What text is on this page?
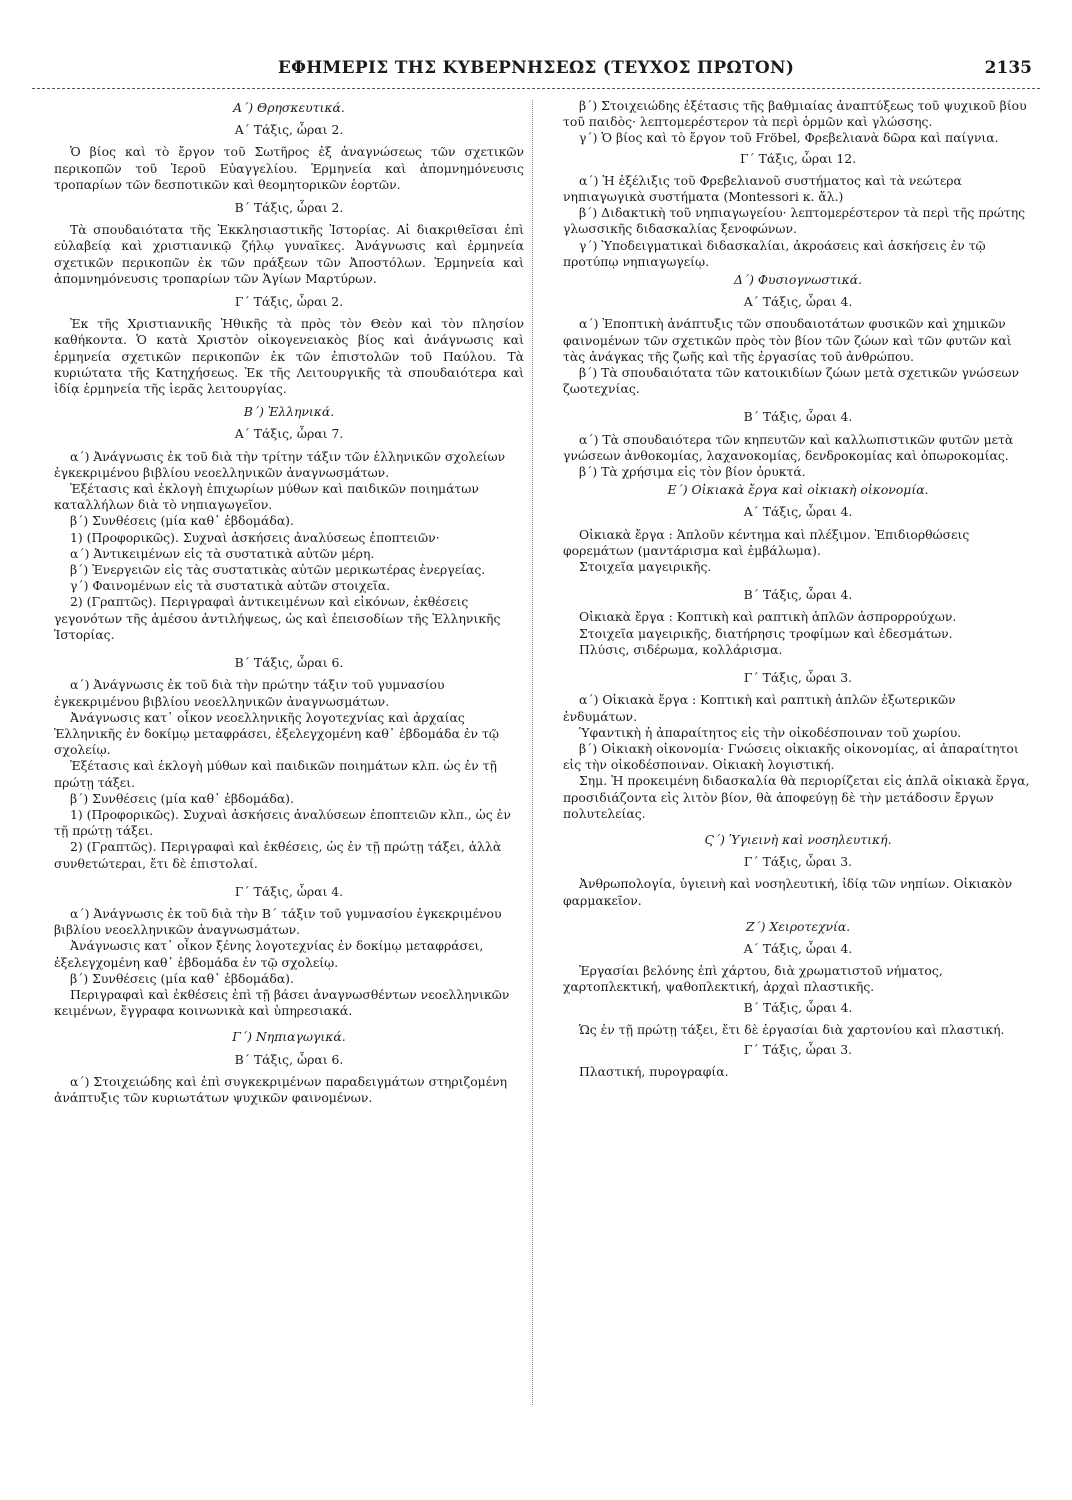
ΕΦΗΜΕΡΙΣ ΤΗΣ ΚΥΒΕΡΝΗΣΕΩΣ (ΤΕΥΧΟΣ ΠΡΩΤΟΝ)	2135
Α΄) Θρησκευτικά.
Α΄ Τάξις, ὧραι 2.
Ὁ βίος καὶ τὸ ἔργον τοῦ Σωτῆρος ἐξ ἀναγνώσεως τῶν σχετικῶν περικοπῶν τοῦ Ἱεροῦ Εὐαγγελίου. Ἑρμηνεία καὶ ἀπομνημόνευσις τροπαρίων τῶν δεσποτικῶν καὶ θεομητορικῶν ἑορτῶν.
Β΄ Τάξις, ὧραι 2.
Τὰ σπουδαιότατα τῆς Ἐκκλησιαστικῆς Ἱστορίας. Αἱ διακριθεῖσαι ἐπὶ εὐλαβείᾳ καὶ χριστιανικῷ ζήλῳ γυναῖκες. Ἀνάγνωσις καὶ ἑρμηνεία σχετικῶν περικοπῶν ἐκ τῶν πράξεων τῶν Ἀποστόλων. Ἑρμηνεία καὶ ἀπομνημόνευσις τροπαρίων τῶν Ἁγίων Μαρτύρων.
Γ΄ Τάξις, ὧραι 2.
Ἐκ τῆς Χριστιανικῆς Ἠθικῆς τὰ πρὸς τὸν Θεὸν καὶ τὸν πλησίον καθήκοντα. Ὁ κατὰ Χριστὸν οἰκογενειακὸς βίος καὶ ἀνάγνωσις καὶ ἑρμηνεία σχετικῶν περικοπῶν ἐκ τῶν ἐπιστολῶν τοῦ Παύλου. Τὰ κυριώτατα τῆς Κατηχήσεως. Ἐκ τῆς Λειτουργικῆς τὰ σπουδαιότερα καὶ ἰδίᾳ ἑρμηνεία τῆς ἱερᾶς λειτουργίας.
Β΄) Ἑλληνικά.
Α΄ Τάξις, ὧραι 7.
α΄) Ἀνάγνωσις ἐκ τοῦ διὰ τὴν τρίτην τάξιν τῶν ἑλληνικῶν σχολείων ἐγκεκριμένου βιβλίου νεοελληνικῶν ἀναγνωσμάτων.
Ἐξέτασις καὶ ἐκλογὴ ἐπιχωρίων μύθων καὶ παιδικῶν ποιημάτων καταλλήλων διὰ τὸ νηπιαγωγεῖον.
β΄) Συνθέσεις (μία καθ᾽ ἑβδομάδα).
1) (Προφορικῶς). Συχναὶ ἀσκήσεις ἀναλύσεως ἐποπτειῶν·
α΄) Ἀντικειμένων εἰς τὰ συστατικὰ αὐτῶν μέρη.
β΄) Ἐνεργειῶν εἰς τὰς συστατικὰς αὐτῶν μερικωτέρας ἐνεργείας.
γ΄) Φαινομένων εἰς τὰ συστατικὰ αὐτῶν στοιχεῖα.
2) (Γραπτῶς). Περιγραφαὶ ἀντικειμένων καὶ εἰκόνων, ἐκθέσεις γεγονότων τῆς ἀμέσου ἀντιλήψεως, ὡς καὶ ἐπεισοδίων τῆς Ἑλληνικῆς Ἱστορίας.
Β΄ Τάξις, ὧραι 6.
α΄) Ἀνάγνωσις ἐκ τοῦ διὰ τὴν πρώτην τάξιν τοῦ γυμνασίου ἐγκεκριμένου βιβλίου νεοελληνικῶν ἀναγνωσμάτων.
Ἀνάγνωσις κατ᾽ οἶκον νεοελληνικῆς λογοτεχνίας καὶ ἀρχαίας Ἑλληνικῆς ἐν δοκίμῳ μεταφράσει, ἐξελεγχομένη καθ᾽ ἑβδομάδα ἐν τῷ σχολείῳ.
Ἐξέτασις καὶ ἐκλογὴ μύθων καὶ παιδικῶν ποιημάτων κλπ. ὡς ἐν τῇ πρώτῃ τάξει.
β΄) Συνθέσεις (μία καθ᾽ ἑβδομάδα).
1) (Προφορικῶς). Συχναὶ ἀσκήσεις ἀναλύσεων ἐποπτειῶν κλπ., ὡς ἐν τῇ πρώτῃ τάξει.
2) (Γραπτῶς). Περιγραφαὶ καὶ ἐκθέσεις, ὡς ἐν τῇ πρώτῃ τάξει, ἀλλὰ συνθετώτεραι, ἔτι δὲ ἐπιστολαί.
Γ΄ Τάξις, ὧραι 4.
α΄) Ἀνάγνωσις ἐκ τοῦ διὰ τὴν Β΄ τάξιν τοῦ γυμνασίου ἐγκεκριμένου βιβλίου νεοελληνικῶν ἀναγνωσμάτων.
Ἀνάγνωσις κατ᾽ οἶκον ξένης λογοτεχνίας ἐν δοκίμῳ μεταφράσει, ἐξελεγχομένη καθ᾽ ἑβδομάδα ἐν τῷ σχολείῳ.
β΄) Συνθέσεις (μία καθ᾽ ἑβδομάδα).
Περιγραφαὶ καὶ ἐκθέσεις ἐπὶ τῇ βάσει ἀναγνωσθέντων νεοελληνικῶν κειμένων, ἔγγραφα κοινωνικὰ καὶ ὑπηρεσιακά.
Γ΄) Νηπιαγωγικά.
Β΄ Τάξις, ὧραι 6.
α΄) Στοιχειώδης καὶ ἐπὶ συγκεκριμένων παραδειγμάτων στηριζομένη ἀνάπτυξις τῶν κυριωτάτων ψυχικῶν φαινομένων.
β΄) Στοιχειώδης ἐξέτασις τῆς βαθμιαίας ἀναπτύξεως τοῦ ψυχικοῦ βίου τοῦ παιδὸς· λεπτομερέστερον τὰ περὶ ὁρμῶν καὶ γλώσσης.
γ΄) Ὁ βίος καὶ τὸ ἔργον τοῦ Fröbel, Φρεβελιανὰ δῶρα καὶ παίγνια.
Γ΄ Τάξις, ὧραι 12.
α΄) Ἡ ἐξέλιξις τοῦ Φρεβελιανοῦ συστήματος καὶ τὰ νεώτερα νηπιαγωγικὰ συστήματα (Montessori κ. ἄλ.)
β΄) Διδακτικὴ τοῦ νηπιαγωγείου· λεπτομερέστερον τὰ περὶ τῆς πρώτης γλωσσικῆς διδασκαλίας ξενοφώνων.
γ΄) Ὑποδειγματικαὶ διδασκαλίαι, ἀκροάσεις καὶ ἀσκήσεις ἐν τῷ προτύπῳ νηπιαγωγείῳ.
Δ΄) Φυσιογνωστικά.
Α΄ Τάξις, ὧραι 4.
α΄) Ἐποπτικὴ ἀνάπτυξις τῶν σπουδαιοτάτων φυσικῶν καὶ χημικῶν φαινομένων τῶν σχετικῶν πρὸς τὸν βίον τῶν ζώων καὶ τῶν φυτῶν καὶ τὰς ἀνάγκας τῆς ζωῆς καὶ τῆς ἐργασίας τοῦ ἀνθρώπου.
β΄) Τὰ σπουδαιότατα τῶν κατοικιδίων ζώων μετὰ σχετικῶν γνώσεων ζωοτεχνίας.
Β΄ Τάξις, ὧραι 4.
α΄) Τὰ σπουδαιότερα τῶν κηπευτῶν καὶ καλλωπιστικῶν φυτῶν μετὰ γνώσεων ἀνθοκομίας, λαχανοκομίας, δενδροκομίας καὶ ὀπωροκομίας.
β΄) Τὰ χρήσιμα εἰς τὸν βίον ὀρυκτά.
Ε΄) Οἰκιακὰ ἔργα καὶ οἰκιακὴ οἰκονομία.
Α΄ Τάξις, ὧραι 4.
Οἰκιακὰ ἔργα : Ἁπλοῦν κέντημα καὶ πλέξιμον. Ἐπιδιορθώσεις φορεμάτων (μαντάρισμα καὶ ἐμβάλωμα).
Στοιχεῖα μαγειρικῆς.
Β΄ Τάξις, ὧραι 4.
Οἰκιακὰ ἔργα : Κοπτικὴ καὶ ραπτικὴ ἁπλῶν ἀσπρορρούχων.
Στοιχεῖα μαγειρικῆς, διατήρησις τροφίμων καὶ ἐδεσμάτων.
Πλύσις, σιδέρωμα, κολλάρισμα.
Γ΄ Τάξις, ὧραι 3.
α΄) Οἰκιακὰ ἔργα : Κοπτικὴ καὶ ραπτικὴ ἁπλῶν ἐξωτερικῶν ἐνδυμάτων.
Ὑφαντικὴ ἡ ἀπαραίτητος εἰς τὴν οἰκοδέσποιναν τοῦ χωρίου.
β΄) Οἰκιακὴ οἰκονομία· Γνώσεις οἰκιακῆς οἰκονομίας, αἱ ἀπαραίτητοι εἰς τὴν οἰκοδέσποιναν. Οἰκιακὴ λογιστική.
Σημ. Ἡ προκειμένη διδασκαλία θὰ περιορίζεται εἰς ἁπλᾶ οἰκιακὰ ἔργα, προσιδιάζοντα εἰς λιτὸν βίον, θὰ ἀποφεύγῃ δὲ τὴν μετάδοσιν ἔργων πολυτελείας.
Ϛ΄) Ὑγιεινὴ καὶ νοσηλευτική.
Γ΄ Τάξις, ὧραι 3.
Ἀνθρωπολογία, ὑγιεινὴ καὶ νοσηλευτική, ἰδίᾳ τῶν νηπίων. Οἰκιακὸν φαρμακεῖον.
Ζ΄) Χειροτεχνία.
Α΄ Τάξις, ὧραι 4.
Ἐργασίαι βελόνης ἐπὶ χάρτου, διὰ χρωματιστοῦ νήματος, χαρτοπλεκτική, ψαθοπλεκτική, ἀρχαὶ πλαστικῆς.
Β΄ Τάξις, ὧραι 4.
Ὡς ἐν τῇ πρώτῃ τάξει, ἔτι δὲ ἐργασίαι διὰ χαρτονίου καὶ πλαστική.
Γ΄ Τάξις, ὧραι 3.
Πλαστική, πυρογραφία.
